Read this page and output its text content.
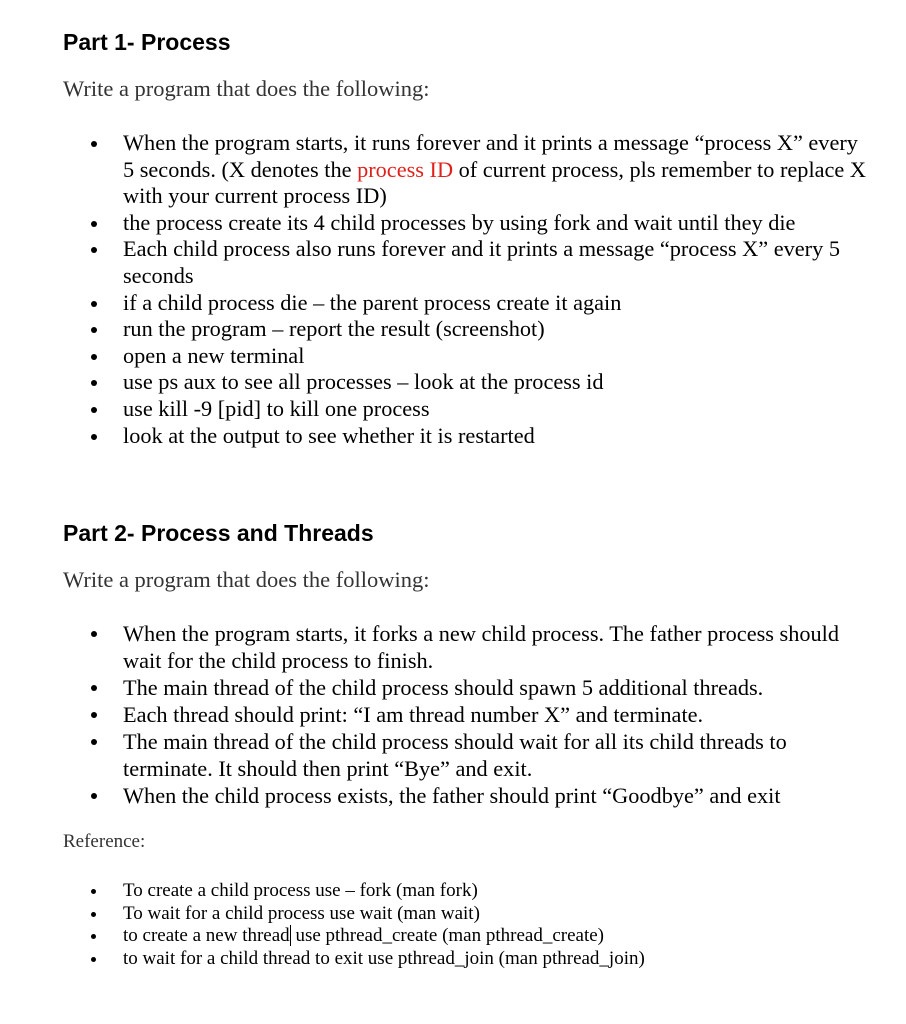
Part 1- Process

Write a program that does the following:

When the program starts, it runs forever and it prints a message “process X” every 5 seconds. (X denotes the process ID of current process, pls remember to replace X with your current process ID)
the process create its 4 child processes by using fork and wait until they die
Each child process also runs forever and it prints a message “process X” every 5 seconds
if a child process die – the parent process create it again
run the program – report the result (screenshot)
open a new terminal
use ps aux to see all processes – look at the process id
use kill -9 [pid] to kill one process
look at the output to see whether it is restarted
Part 2- Process and Threads

Write a program that does the following:

When the program starts, it forks a new child process. The father process should wait for the child process to finish.
The main thread of the child process should spawn 5 additional threads.
Each thread should print: “I am thread number X” and terminate.
The main thread of the child process should wait for all its child threads to terminate. It should then print “Bye” and exit.
When the child process exists, the father should print “Goodbye” and exit

Reference:

To create a child process use – fork (man fork)
To wait for a child process use wait (man wait)
to create a new thread use pthread_create (man pthread_create)
to wait for a child thread to exit use pthread_join (man pthread_join)
